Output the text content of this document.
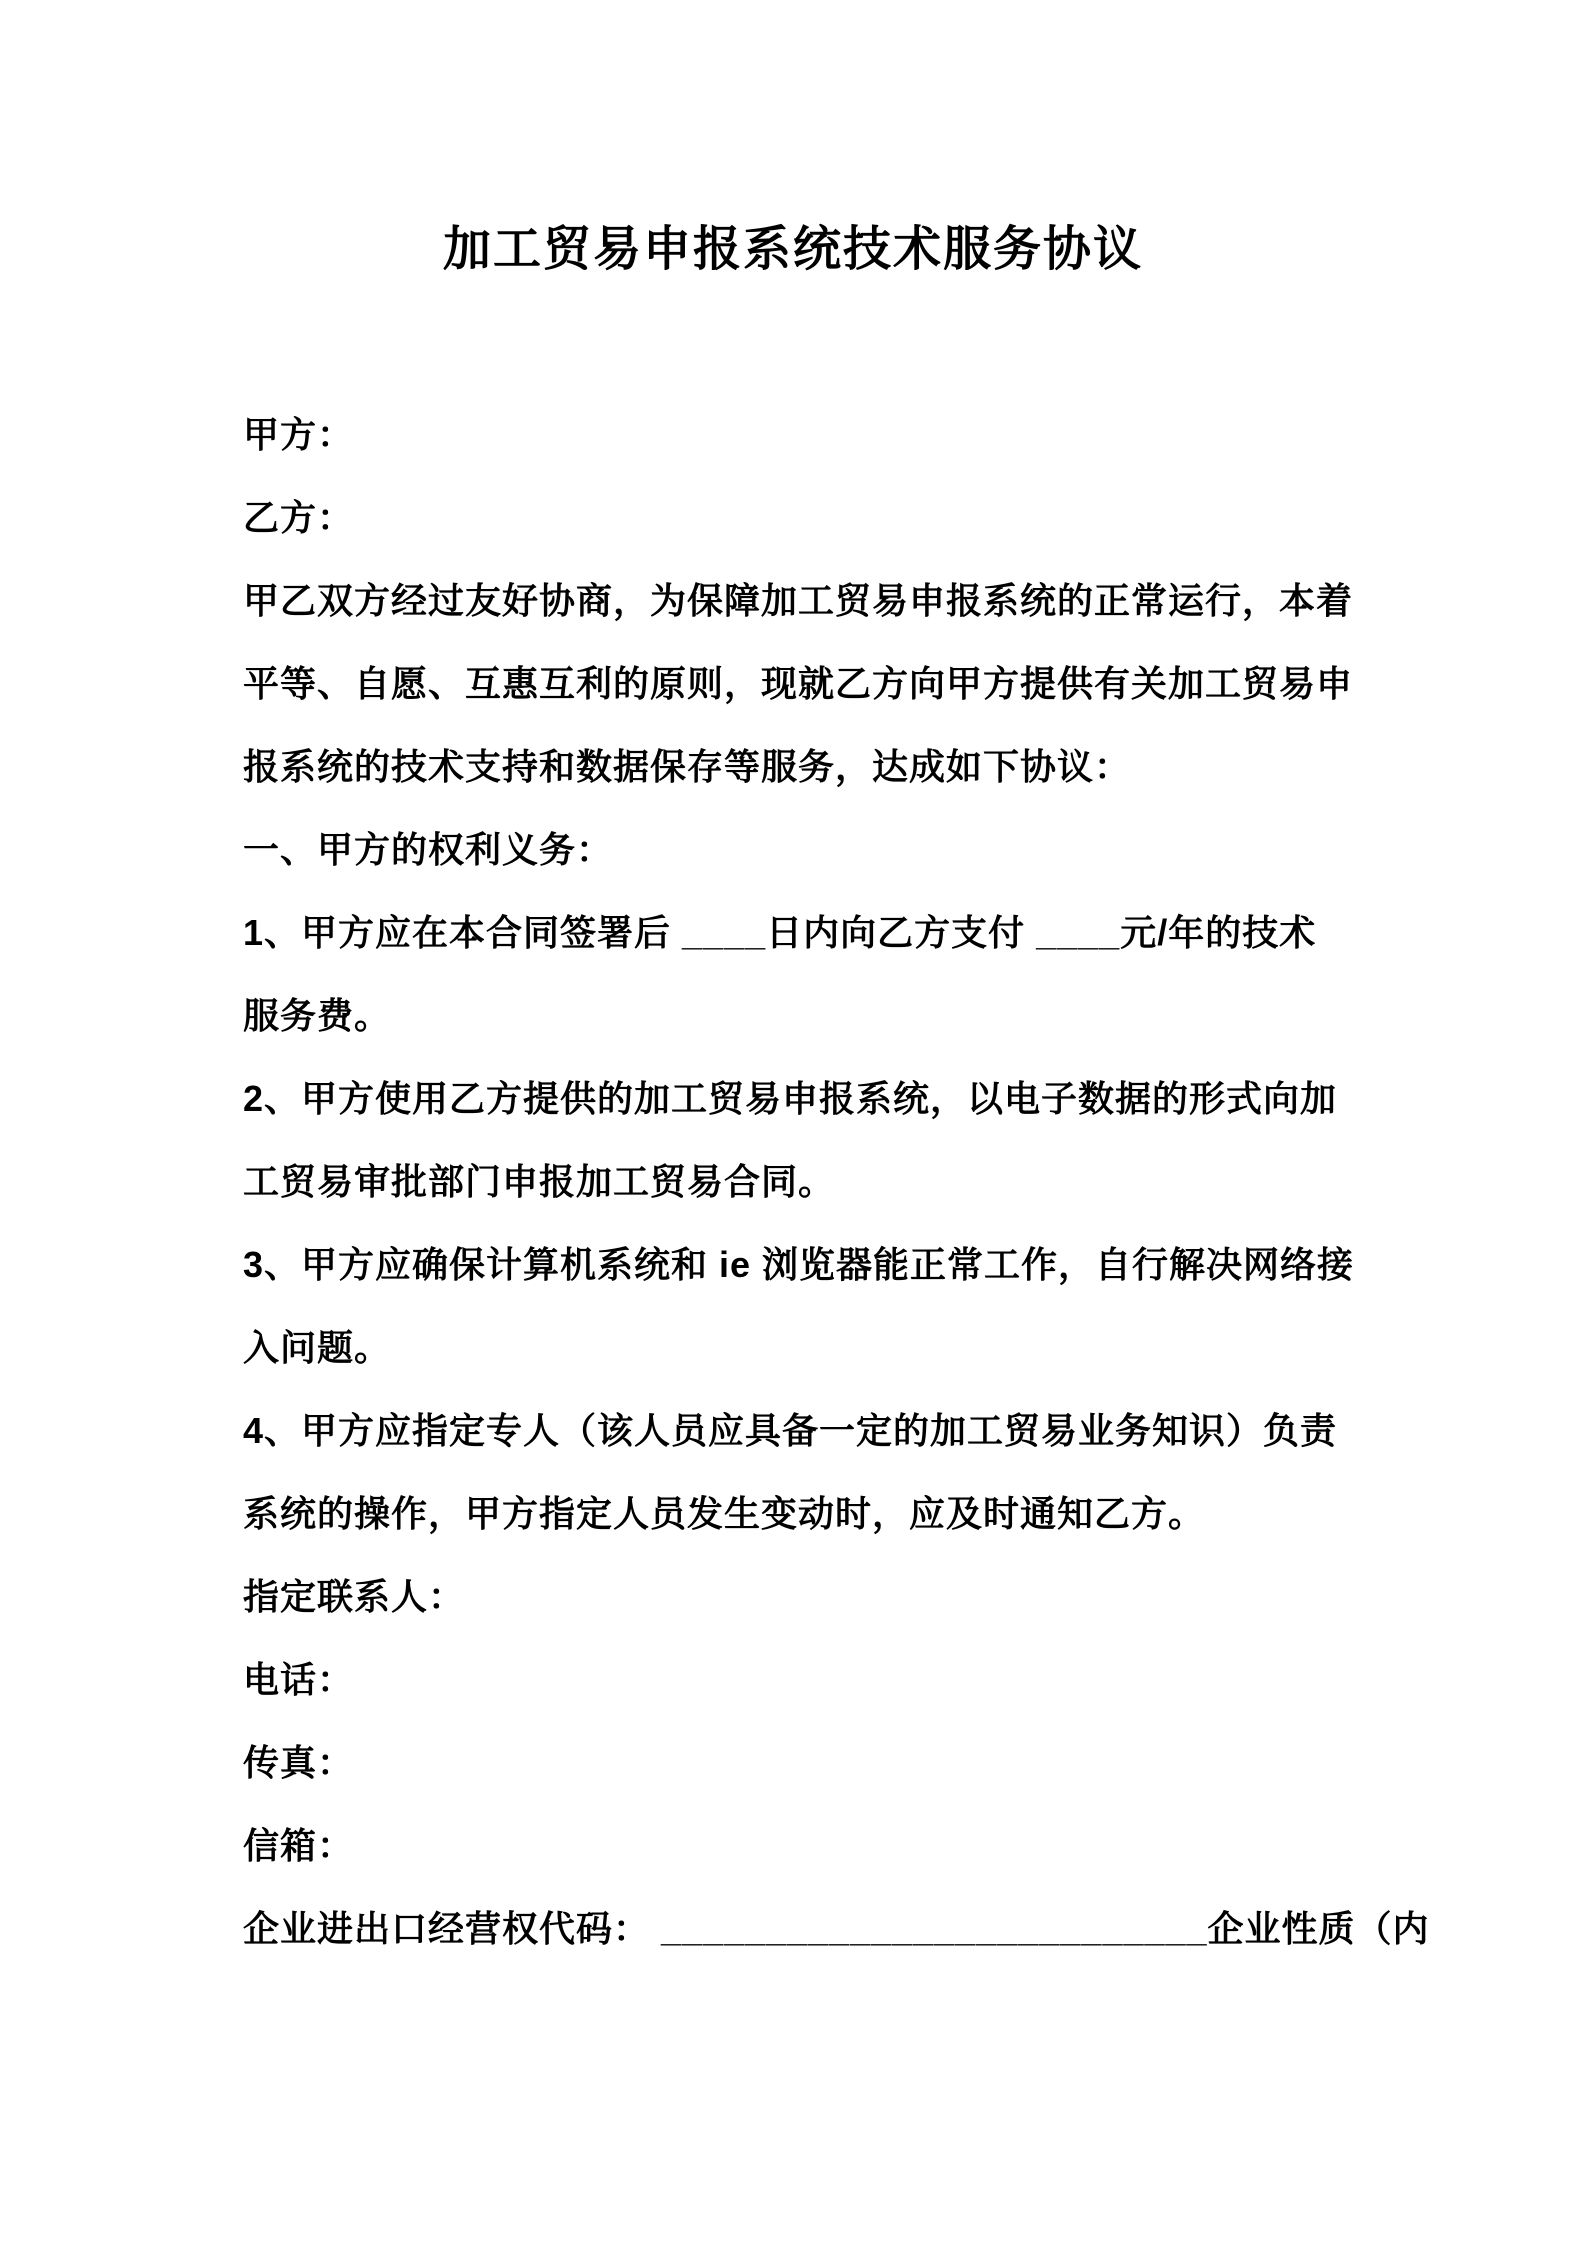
加工贸易申报系统技术服务协议
甲方：
乙方：
甲乙双方经过友好协商，为保障加工贸易申报系统的正常运行，本着
平等、自愿、互惠互利的原则，现就乙方向甲方提供有关加工贸易申
报系统的技术支持和数据保存等服务，达成如下协议：
一、甲方的权利义务：
1、甲方应在本合同签署后 ____日内向乙方支付 ____元/年的技术
服务费。
2、甲方使用乙方提供的加工贸易申报系统，以电子数据的形式向加
工贸易审批部门申报加工贸易合同。
3、甲方应确保计算机系统和 ie 浏览器能正常工作，自行解决网络接
入问题。
4、甲方应指定专人（该人员应具备一定的加工贸易业务知识）负责
系统的操作，甲方指定人员发生变动时，应及时通知乙方。
指定联系人：
电话：
传真：
信箱：
企业进出口经营权代码： __________________________企业性质（内
